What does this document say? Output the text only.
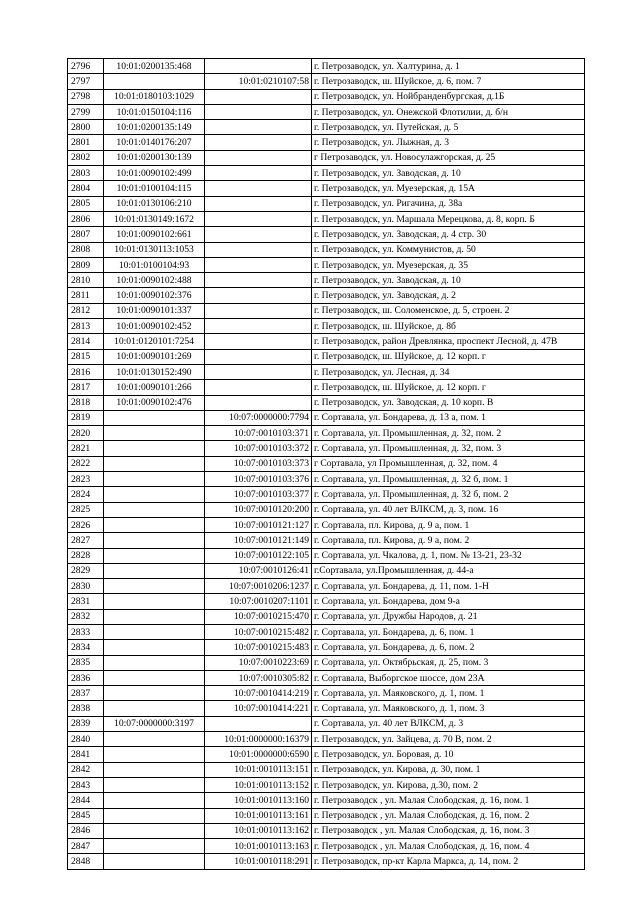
2796	10:01:0200135:468		г. Петрозаводск, ул. Халтурина, д. 1
2797		10:01:0210107:58	г. Петрозаводск, ш. Шуйское, д. 6, пом. 7
2798	10:01:0180103:1029		г. Петрозаводск, ул. Нойбранденбургская, д.1Б
2799	10:01:0150104:116		г. Петрозаводск, ул. Онежской Флотилии, д. б/н
2800	10:01:0200135:149		г. Петрозаводск, ул. Путейская, д. 5
2801	10:01:0140176:207		г. Петрозаводск, ул. Лыжная, д. 3
2802	10:01:0200130:139		г Петрозаводск, ул. Новосулажгорская, д. 25
2803	10:01:0090102:499		г. Петрозаводск, ул. Заводская, д. 10
2804	10:01:0100104:115		г. Петрозаводск, ул. Муезерская, д. 15А
2805	10:01:0130106:210		г. Петрозаводск, ул. Ригачина, д. 38а
2806	10:01:0130149:1672		г. Петрозаводск, ул. Маршала Мерецкова, д. 8, корп. Б
2807	10:01:0090102:661		г. Петрозаводск, ул. Заводская, д. 4 стр. 30
2808	10:01:0130113:1053		г. Петрозаводск, ул. Коммунистов, д. 50
2809	10:01:0100104:93		г. Петрозаводск, ул. Муезерская, д. 35
2810	10:01:0090102:488		г. Петрозаводск, ул. Заводская, д. 10
2811	10:01:0090102:376		г. Петрозаводск, ул. Заводская, д. 2
2812	10:01:0090101:337		г. Петрозаводск, ш. Соломенское, д. 5, строен. 2
2813	10:01:0090102:452		г. Петрозаводск, ш. Шуйское, д. 8б
2814	10:01:0120101:7254		г. Петрозаводск, район Древлянка, проспект Лесной, д. 47В
2815	10:01:0090101:269		г. Петрозаводск, ш. Шуйское, д. 12 корп. г
2816	10:01:0130152:490		г. Петрозаводск, ул. Лесная, д. 34
2817	10:01:0090101:266		г. Петрозаводск, ш. Шуйское, д. 12 корп. г
2818	10:01:0090102:476		г. Петрозаводск, ул. Заводская, д. 10 корп. В
2819		10:07:0000000:7794	г. Сортавала, ул. Бондарева, д. 13 а, пом. 1
2820		10:07:0010103:371	г. Сортавала, ул. Промышленная, д. 32, пом. 2
2821		10:07:0010103:372	г. Сортавала, ул. Промышленная, д. 32, пом. 3
2822		10:07:0010103:373	г Сортавала, ул Промышленная, д. 32, пом. 4
2823		10:07:0010103:376	г. Сортавала, ул. Промышленная, д. 32 б, пом. 1
2824		10:07:0010103:377	г. Сортавала, ул. Промышленная, д. 32 б, пом. 2
2825		10:07:0010120:200	г. Сортавала, ул. 40 лет ВЛКСМ, д. 3, пом. 16
2826		10:07:0010121:127	г. Сортавала, пл. Кирова, д. 9 а, пом. 1
2827		10:07:0010121:149	г. Сортавала, пл. Кирова, д. 9 а, пом. 2
2828		10:07:0010122:105	г. Сортавала, ул. Чкалова, д. 1, пом. № 13-21, 23-32
2829		10:07:0010126:41	г.Сортавала, ул.Промышленная, д. 44-а
2830		10:07:0010206:1237	г. Сортавала, ул. Бондарева, д. 11, пом. 1-Н
2831		10:07:0010207:1101	г. Сортавала, ул. Бондарева, дом 9-а
2832		10:07:0010215:470	г. Сортавала, ул. Дружбы Народов, д. 21
2833		10:07:0010215:482	г. Сортавала, ул. Бондарева, д. 6, пом. 1
2834		10:07:0010215:483	г. Сортавала, ул. Бондарева, д. 6, пом. 2
2835		10:07:0010223:69	г. Сортавала, ул. Октябрьская, д. 25, пом. 3
2836		10:07:0010305:82	г. Сортавала, Выборгское шоссе, дом 23А
2837		10:07:0010414:219	г. Сортавала, ул. Маяковского, д. 1, пом. 1
2838		10:07:0010414:221	г. Сортавала, ул. Маяковского, д. 1, пом. 3
2839	10:07:0000000:3197		г. Сортавала, ул. 40 лет ВЛКСМ, д. 3
2840		10:01:0000000:16379	г. Петрозаводск, ул. Зайцева, д. 70 В, пом. 2
2841		10:01:0000000:6590	г. Петрозаводск, ул. Боровая, д. 10
2842		10:01:0010113:151	г. Петрозаводск, ул. Кирова, д. 30, пом. 1
2843		10:01:0010113:152	г. Петрозаводск, ул. Кирова, д.30, пом. 2
2844		10:01:0010113:160	г. Петрозаводск , ул. Малая Слободская, д. 16, пом. 1
2845		10:01:0010113:161	г. Петрозаводск , ул. Малая Слободская, д. 16, пом. 2
2846		10:01:0010113:162	г. Петрозаводск , ул. Малая Слободская, д. 16, пом. 3
2847		10:01:0010113:163	г. Петрозаводск , ул. Малая Слободская, д. 16, пом. 4
2848		10:01:0010118:291	г. Петрозаводск, пр-кт Карла Маркса, д. 14, пом. 2
